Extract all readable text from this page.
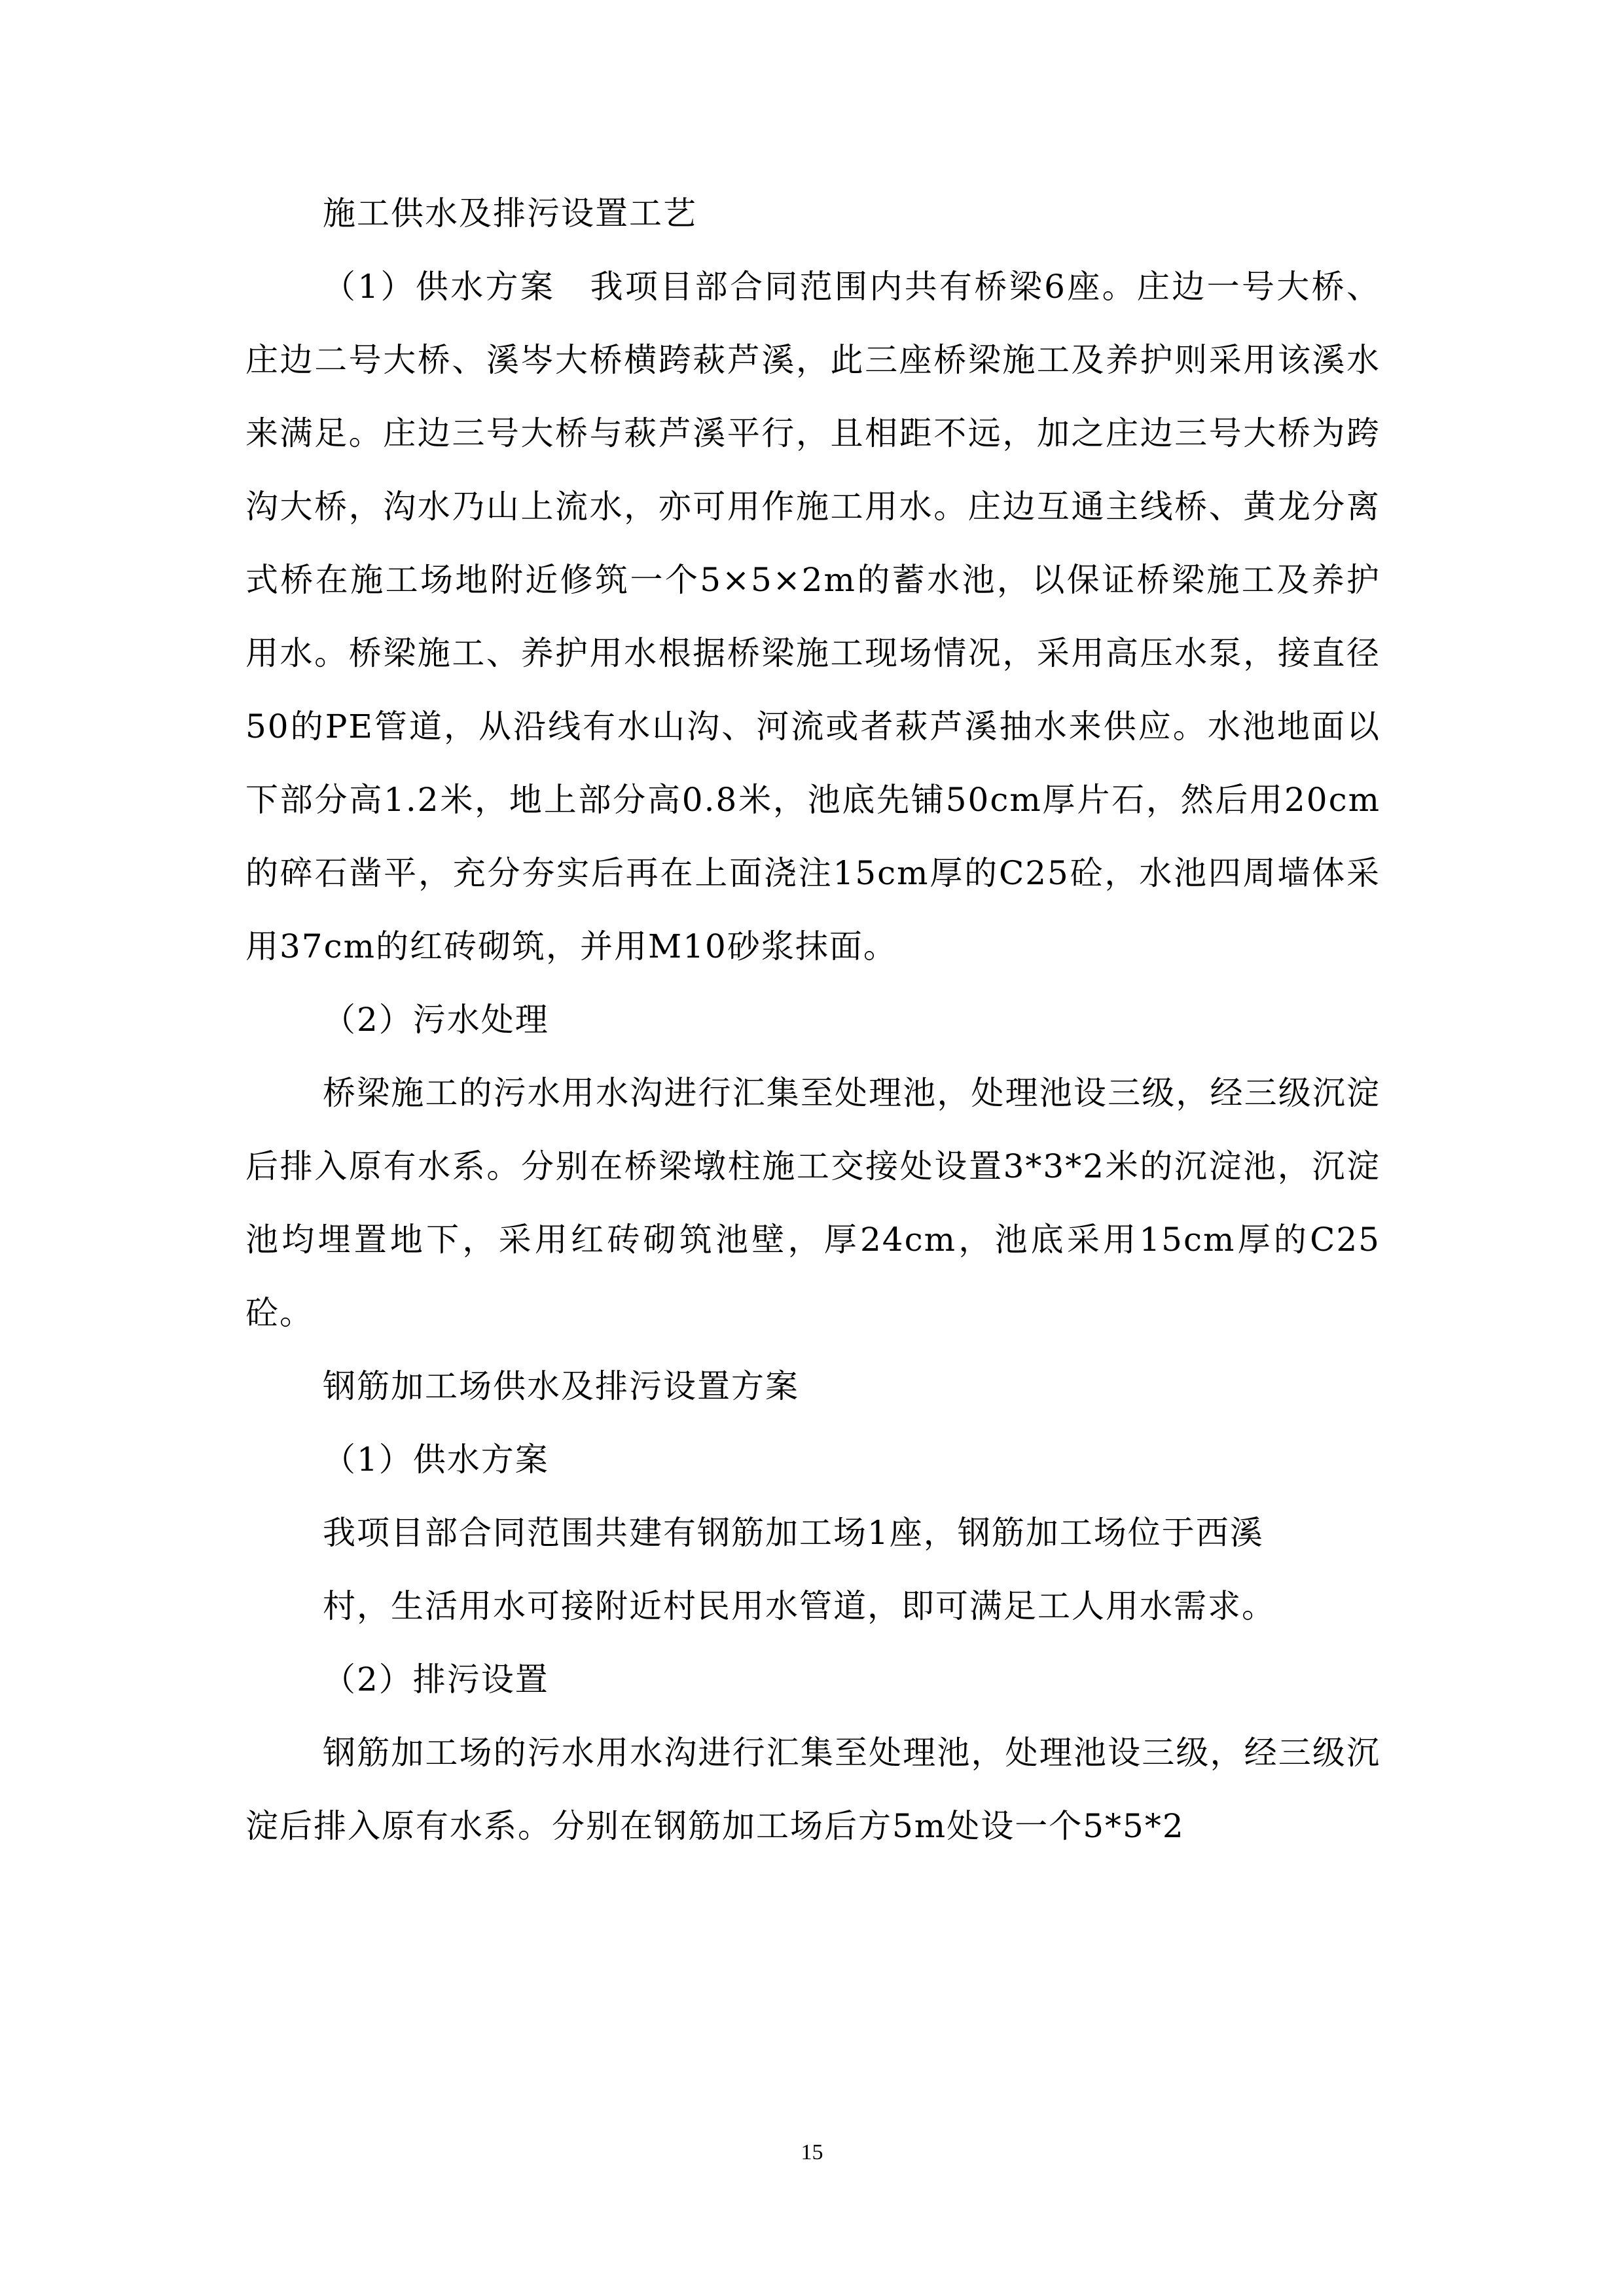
施工供水及排污设置工艺

（1）供水方案　我项目部合同范围内共有桥梁6座。庄边一号大桥、庄边二号大桥、溪岑大桥横跨萩芦溪，此三座桥梁施工及养护则采用该溪水来满足。庄边三号大桥与萩芦溪平行，且相距不远，加之庄边三号大桥为跨沟大桥，沟水乃山上流水，亦可用作施工用水。庄边互通主线桥、黄龙分离式桥在施工场地附近修筑一个5×5×2m的蓄水池，以保证桥梁施工及养护用水。桥梁施工、养护用水根据桥梁施工现场情况，采用高压水泵，接直径50的PE管道，从沿线有水山沟、河流或者萩芦溪抽水来供应。水池地面以下部分高1.2米，地上部分高0.8米，池底先铺50cm厚片石，然后用20cm的碎石凿平，充分夯实后再在上面浇注15cm厚的C25砼，水池四周墙体采用37cm的红砖砌筑，并用M10砂浆抹面。

（2）污水处理

桥梁施工的污水用水沟进行汇集至处理池，处理池设三级，经三级沉淀后排入原有水系。分别在桥梁墩柱施工交接处设置3*3*2米的沉淀池，沉淀池均埋置地下，采用红砖砌筑池壁，厚24cm，池底采用15cm厚的C25砼。

钢筋加工场供水及排污设置方案

（1）供水方案

我项目部合同范围共建有钢筋加工场1座，钢筋加工场位于西溪

村，生活用水可接附近村民用水管道，即可满足工人用水需求。

（2）排污设置

钢筋加工场的污水用水沟进行汇集至处理池，处理池设三级，经三级沉淀后排入原有水系。分别在钢筋加工场后方5m处设一个5*5*2

15
